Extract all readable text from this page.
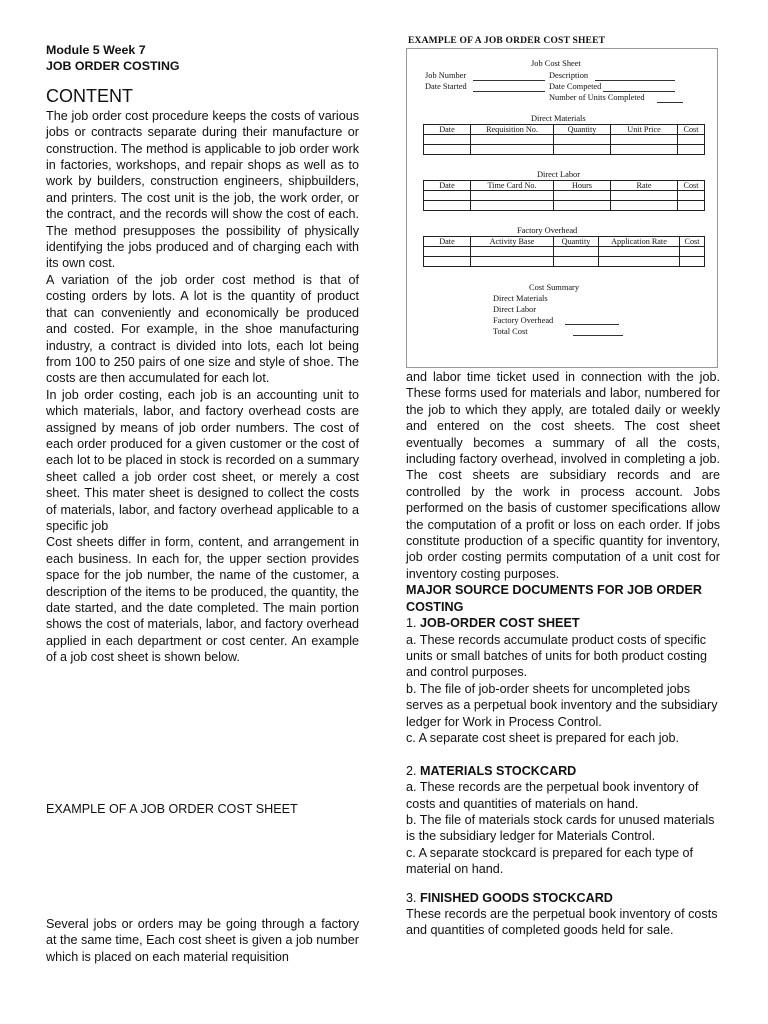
Module 5 Week 7

JOB ORDER COSTING

CONTENT

The job order cost procedure keeps the costs of various jobs or contracts separate during their manufacture or construction. The method is applicable to job order work in factories, workshops, and repair shops as well as to work by builders, construction engineers, shipbuilders, and printers. The cost unit is the job, the work order, or the contract, and the records will show the cost of each. The method presupposes the possibility of physically identifying the jobs produced and of charging each with its own cost.

A variation of the job order cost method is that of costing orders by lots. A lot is the quantity of product that can conveniently and economically be produced and costed. For example, in the shoe manufacturing industry, a contract is divided into lots, each lot being from 100 to 250 pairs of one size and style of shoe. The costs are then accumulated for each lot.

In job order costing, each job is an accounting unit to which materials, labor, and factory overhead costs are assigned by means of job order numbers. The cost of each order produced for a given customer or the cost of each lot to be placed in stock is recorded on a summary sheet called a job order cost sheet, or merely a cost sheet. This mater sheet is designed to collect the costs of materials, labor, and factory overhead applicable to a specific job

Cost sheets differ in form, content, and arrangement in each business. In each for, the upper section provides space for the job number, the name of the customer, a description of the items to be produced, the quantity, the date started, and the date completed. The main portion shows the cost of materials, labor, and factory overhead applied in each department or cost center. An example of a job cost sheet is shown below.

EXAMPLE OF A JOB ORDER COST SHEET

Several jobs or orders may be going through a factory at the same time, Each cost sheet is given a job number which is placed on each material requisition

EXAMPLE OF A JOB ORDER COST SHEET
Job Cost Sheet
Job Number
Date Started
Description
Date Competed
Number of Units Completed
Direct Materials
Date	Requisition No.	Quantity	Unit Price	Cost

Direct Labor
Date	Time Card No.	Hours	Rate	Cost

Factory Overhead
Date	Activity Base	Quantity	Application Rate	Cost

Cost Summary
Direct Materials
Direct Labor
Factory Overhead
Total Cost

and labor time ticket used in connection with the job. These forms used for materials and labor, numbered for the job to which they apply, are totaled daily or weekly and entered on the cost sheets. The cost sheet eventually becomes a summary of all the costs, including factory overhead, involved in completing a job. The cost sheets are subsidiary records and are controlled by the work in process account. Jobs performed on the basis of customer specifications allow the computation of a profit or loss on each order. If jobs constitute production of a specific quantity for inventory, job order costing permits computation of a unit cost for inventory costing purposes.

MAJOR SOURCE DOCUMENTS FOR JOB ORDER COSTING

1. JOB-ORDER COST SHEET

a. These records accumulate product costs of specific units or small batches of units for both product costing and control purposes.

b. The file of job-order sheets for uncompleted jobs serves as a perpetual book inventory and the subsidiary ledger for Work in Process Control.

c. A separate cost sheet is prepared for each job.

2. MATERIALS STOCKCARD

a. These records are the perpetual book inventory of costs and quantities of materials on hand.

b. The file of materials stock cards for unused materials is the subsidiary ledger for Materials Control.

c. A separate stockcard is prepared for each type of material on hand.

3. FINISHED GOODS STOCKCARD

These records are the perpetual book inventory of costs and quantities of completed goods held for sale.
